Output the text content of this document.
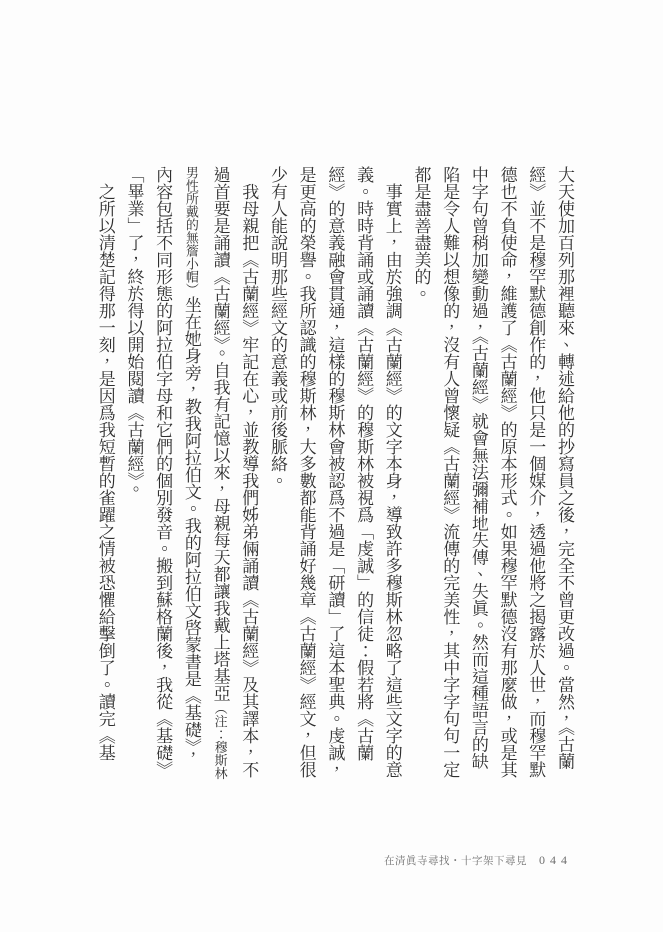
大天使加百列那裡聽來、轉述給他的抄寫員之後，完全不曾更改過。當然，《古蘭經》並不是穆罕默德創作的，他只是一個媒介，透過他將之揭露於人世，而穆罕默德也不負使命，維護了《古蘭經》的原本形式。如果穆罕默德沒有那麼做，或是其中字句曾稍加變動過，《古蘭經》就會無法彌補地失傳、失眞。然而這種語言的缺陷是令人難以想像的，沒有人曾懷疑《古蘭經》流傳的完美性，其中字字句句一定都是盡善盡美的。

事實上，由於強調《古蘭經》的文字本身，導致許多穆斯林忽略了這些文字的意義。時時背誦或誦讀《古蘭經》的穆斯林被視爲「虔誠」的信徒：假若將《古蘭經》的意義融會貫通，這樣的穆斯林會被認爲不過是「研讀」了這本聖典。虔誠，是更高的榮譽。我所認識的穆斯林，大多數都能背誦好幾章《古蘭經》經文，但很少有人能說明那些經文的意義或前後脈絡。

我母親把《古蘭經》牢記在心，並教導我們姊弟倆誦讀《古蘭經》及其譯本，不過首要是誦讀《古蘭經》。自我有記憶以來，母親每天都讓我戴上塔基亞（注：穆斯林男性所戴的無簷小帽）坐在她身旁，教我阿拉伯文。我的阿拉伯文啓蒙書是《基礎》，內容包括不同形態的阿拉伯字母和它們的個別發音。搬到蘇格蘭後，我從《基礎》「畢業」了，終於得以開始閱讀《古蘭經》。

之所以清楚記得那一刻，是因爲我短暫的雀躍之情被恐懼給擊倒了。讀完《基

在清眞寺尋找・十字架下尋見 044
